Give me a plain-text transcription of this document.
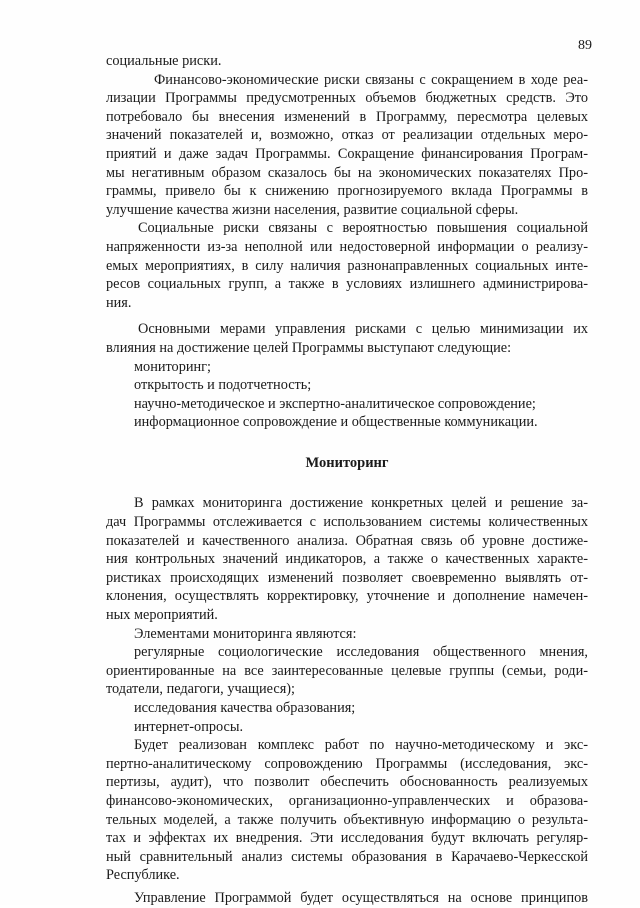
89
социальные риски.
Финансово-экономические риски связаны с сокращением в ходе реа-
лизации Программы предусмотренных объемов бюджетных средств. Это
потребовало бы внесения изменений в Программу, пересмотра целевых
значений показателей и, возможно, отказ от реализации отдельных меро-
приятий и даже задач Программы. Сокращение финансирования Програм-
мы негативным образом сказалось бы на экономических показателях Про-
граммы, привело бы к снижению прогнозируемого вклада Программы в
улучшение качества жизни населения, развитие социальной сферы.
Социальные риски связаны с вероятностью повышения социальной
напряженности из-за неполной или недостоверной информации о реализу-
емых мероприятиях, в силу наличия разнонаправленных социальных инте-
ресов социальных групп, а также в условиях излишнего администрирова-
ния.
Основными мерами управления рисками с целью минимизации их
влияния на достижение целей Программы выступают следующие:
мониторинг;
открытость и подотчетность;
научно-методическое и экспертно-аналитическое сопровождение;
информационное сопровождение и общественные коммуникации.
Мониторинг
В рамках мониторинга достижение конкретных целей и решение за-
дач Программы отслеживается с использованием системы количественных
показателей и качественного анализа. Обратная связь об уровне достиже-
ния контрольных значений индикаторов, а также о качественных характе-
ристиках происходящих изменений позволяет своевременно выявлять от-
клонения, осуществлять корректировку, уточнение и дополнение намечен-
ных мероприятий.
Элементами мониторинга являются:
регулярные социологические исследования общественного мнения,
ориентированные на все заинтересованные целевые группы (семьи, роди-
тодатели, педагоги, учащиеся);
исследования качества образования;
интернет-опросы.
Будет реализован комплекс работ по научно-методическому и экс-
пертно-аналитическому сопровождению Программы (исследования, экс-
пертизы, аудит), что позволит обеспечить обоснованность реализуемых
финансово-экономических, организационно-управленческих и образова-
тельных моделей, а также получить объективную информацию о результа-
тах и эффектах их внедрения. Эти исследования будут включать регуляр-
ный сравнительный анализ системы образования в Карачаево-Черкесской
Республике.
Управление Программой будет осуществляться на основе принципов
